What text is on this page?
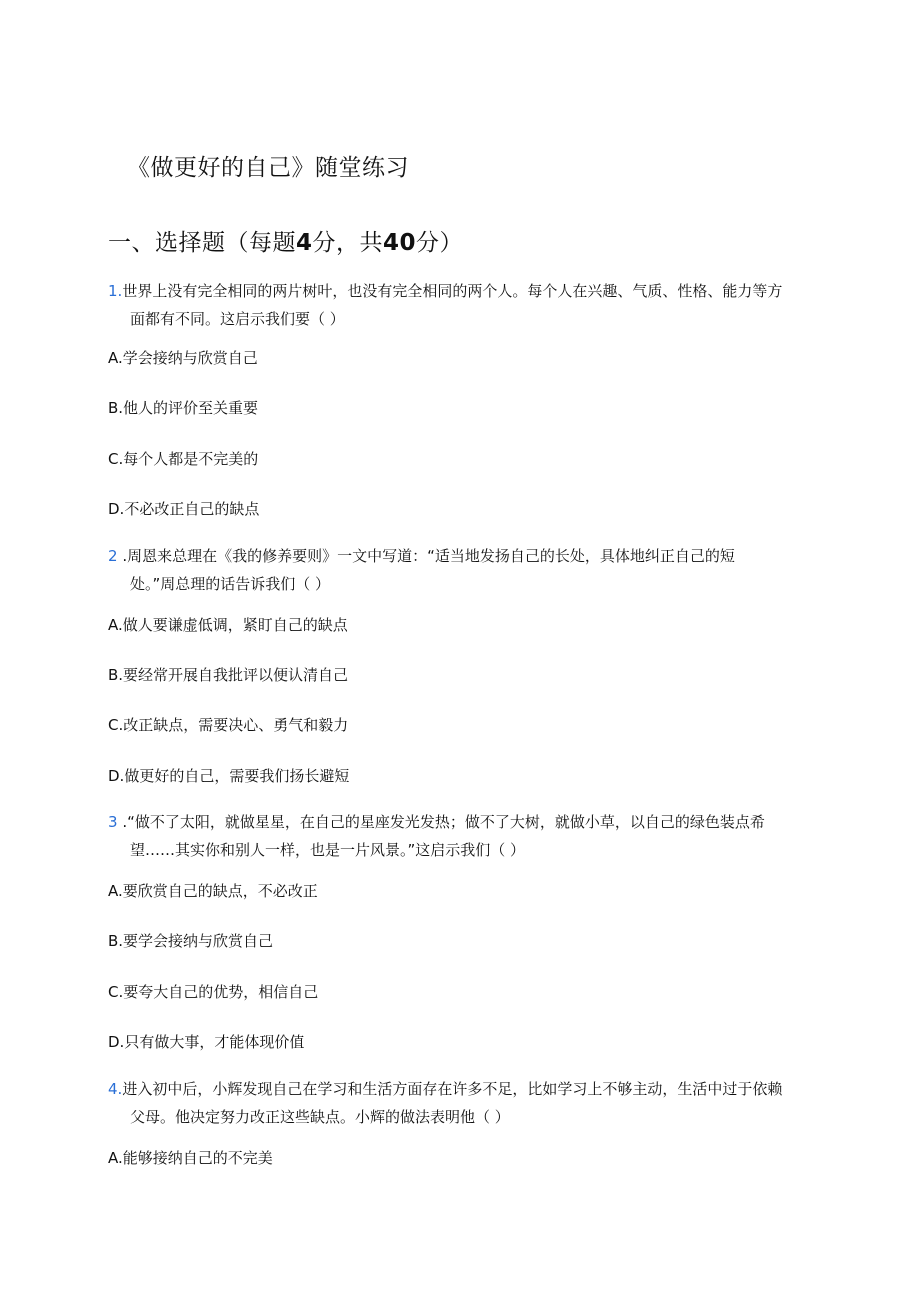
《做更好的自己》随堂练习
一、选择题（每题4分，共40分）
1.世界上没有完全相同的两片树叶，也没有完全相同的两个人。每个人在兴趣、气质、性格、能力等方
面都有不同。这启示我们要（ ）
A.学会接纳与欣赏自己
B.他人的评价至关重要
C.每个人都是不完美的
D.不必改正自己的缺点
2 .周恩来总理在《我的修养要则》一文中写道：“适当地发扬自己的长处，具体地纠正自己的短
处。”周总理的话告诉我们（ ）
A.做人要谦虚低调，紧盯自己的缺点
B.要经常开展自我批评以便认清自己
C.改正缺点，需要决心、勇气和毅力
D.做更好的自己，需要我们扬长避短
3 .“做不了太阳，就做星星，在自己的星座发光发热；做不了大树，就做小草，以自己的绿色装点希
望……其实你和别人一样，也是一片风景。”这启示我们（ ）
A.要欣赏自己的缺点，不必改正
B.要学会接纳与欣赏自己
C.要夸大自己的优势，相信自己
D.只有做大事，才能体现价值
4.进入初中后，小辉发现自己在学习和生活方面存在许多不足，比如学习上不够主动，生活中过于依赖
父母。他决定努力改正这些缺点。小辉的做法表明他（ ）
A.能够接纳自己的不完美
